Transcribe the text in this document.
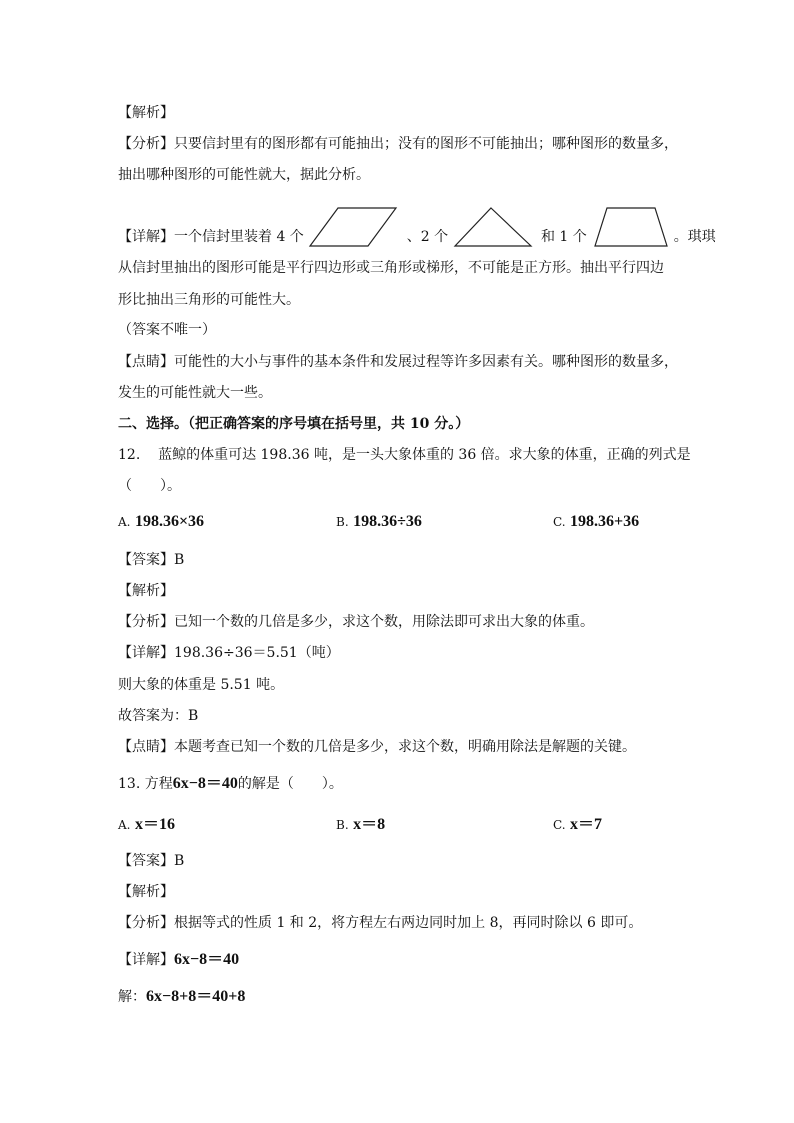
【解析】
【分析】只要信封里有的图形都有可能抽出；没有的图形不可能抽出；哪种图形的数量多，
抽出哪种图形的可能性就大，据此分析。
【详解】一个信封里装着 4 个	、2 个	和 1 个	。琪琪
从信封里抽出的图形可能是平行四边形或三角形或梯形，不可能是正方形。抽出平行四边
形比抽出三角形的可能性大。
（答案不唯一）
【点睛】可能性的大小与事件的基本条件和发展过程等许多因素有关。哪种图形的数量多，
发生的可能性就大一些。
二、选择。（把正确答案的序号填在括号里，共 10 分。）
12. 蓝鲸的体重可达 198.36 吨，是一头大象体重的 36 倍。求大象的体重，正确的列式是
（　　）。
A. 198.36×36	B. 198.36÷36	C. 198.36+36
【答案】B
【解析】
【分析】已知一个数的几倍是多少，求这个数，用除法即可求出大象的体重。
【详解】198.36÷36＝5.51（吨）
则大象的体重是 5.51 吨。
故答案为：B
【点睛】本题考查已知一个数的几倍是多少，求这个数，明确用除法是解题的关键。
13. 方程6x−8＝40的解是（　　）。
A. x＝16	B. x＝8	C. x＝7
【答案】B
【解析】
【分析】根据等式的性质 1 和 2，将方程左右两边同时加上 8，再同时除以 6 即可。
【详解】6x−8＝40
解：6x−8+8＝40+8
